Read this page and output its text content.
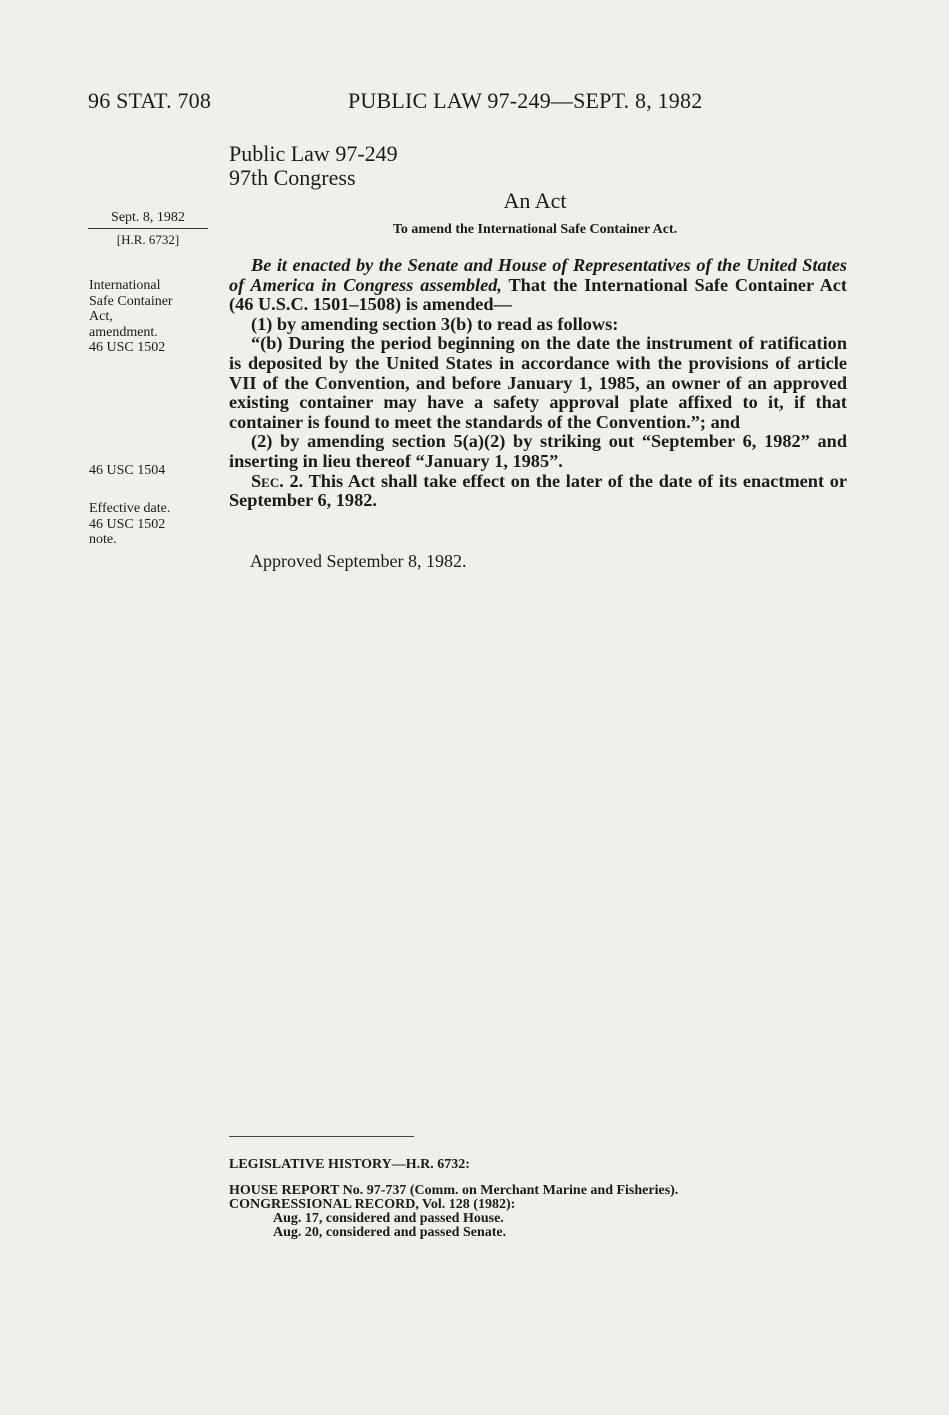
96 STAT. 708	PUBLIC LAW 97-249—SEPT. 8, 1982
Public Law 97-249
97th Congress
An Act
To amend the International Safe Container Act.
Sept. 8, 1982
[H.R. 6732]
International
Safe Container
Act,
amendment.
46 USC 1502
46 USC 1504
Effective date.
46 USC 1502
note.

Be it enacted by the Senate and House of Representatives of the United States of America in Congress assembled, That the International Safe Container Act (46 U.S.C. 1501–1508) is amended—

(1) by amending section 3(b) to read as follows:

“(b) During the period beginning on the date the instrument of ratification is deposited by the United States in accordance with the provisions of article VII of the Convention, and before January 1, 1985, an owner of an approved existing container may have a safety approval plate affixed to it, if that container is found to meet the standards of the Convention.”; and

(2) by amending section 5(a)(2) by striking out “September 6, 1982” and inserting in lieu thereof “January 1, 1985”.

Sec. 2. This Act shall take effect on the later of the date of its enactment or September 6, 1982.

Approved September 8, 1982.
LEGISLATIVE HISTORY—H.R. 6732:
HOUSE REPORT No. 97-737 (Comm. on Merchant Marine and Fisheries).
CONGRESSIONAL RECORD, Vol. 128 (1982):
Aug. 17, considered and passed House.
Aug. 20, considered and passed Senate.
